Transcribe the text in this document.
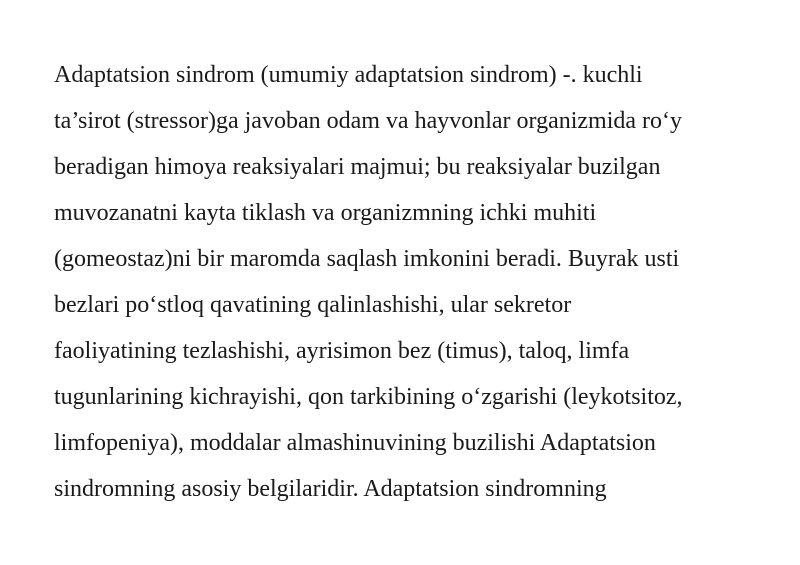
Adaptatsion sindrom (umumiy adaptatsion sindrom) -. kuchli
ta’sirot (stressor)ga javoban odam va hayvonlar organizmida ro‘y
beradigan himoya reaksiyalari majmui; bu reaksiyalar buzilgan
muvozanatni kayta tiklash va organizmning ichki muhiti
(gomeostaz)ni bir maromda saqlash imkonini beradi. Buyrak usti
bezlari po‘stloq qavatining qalinlashishi, ular sekretor
faoliyatining tezlashishi, ayrisimon bez (timus), taloq, limfa
tugunlarining kichrayishi, qon tarkibining o‘zgarishi (leykotsitoz,
limfopeniya), moddalar almashinuvining buzilishi Adaptatsion
sindromning asosiy belgilaridir. Adaptatsion sindromning
